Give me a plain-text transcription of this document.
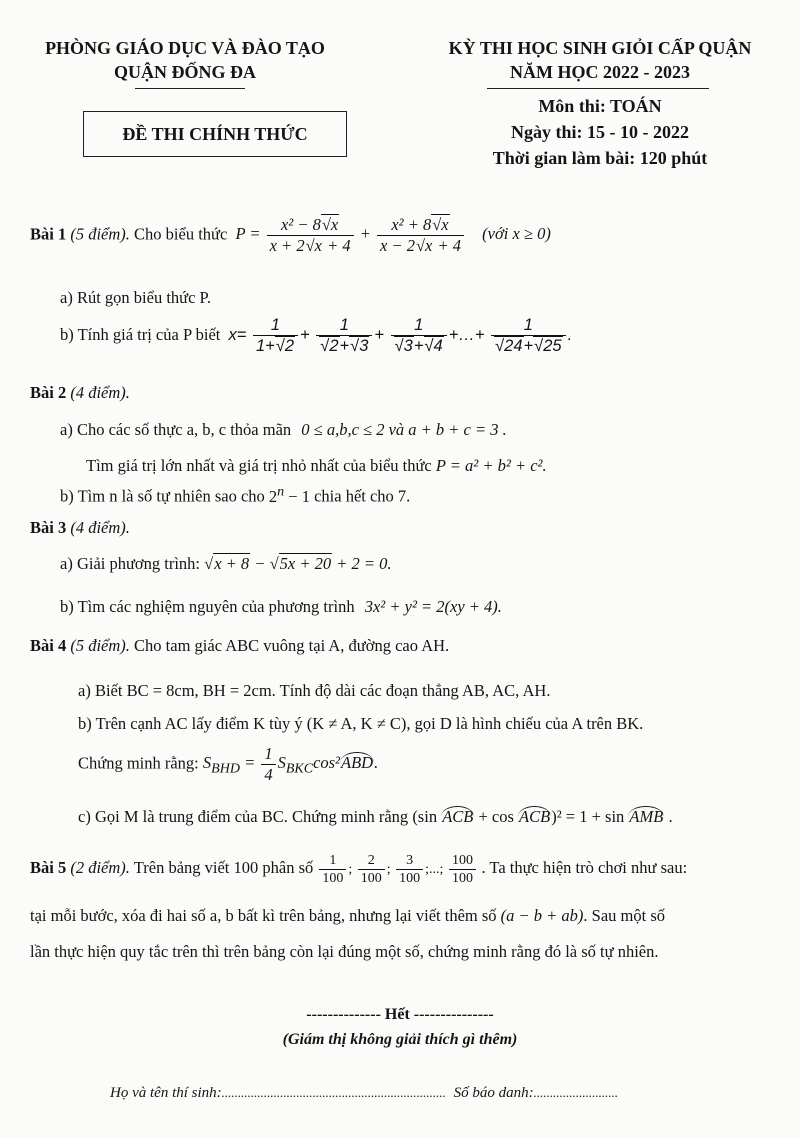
PHÒNG GIÁO DỤC VÀ ĐÀO TẠO
QUẬN ĐỐNG ĐA
ĐỀ THI CHÍNH THỨC
KỲ THI HỌC SINH GIỎI CẤP QUẬN
NĂM HỌC 2022 - 2023
Môn thi: TOÁN
Ngày thi: 15 - 10 - 2022
Thời gian làm bài: 120 phút
Bài 1 (5 điểm). Cho biểu thức $P = \frac{\text{x² − 8√x}}{x + 2√x + 4} + \frac{\text{x² + 8√x}}{x - 2√x + 4}$ (với x ≥ 0)
a) Rút gọn biểu thức P.
b) Tính giá trị của P biết $x= \frac{1}{1+√2} + \frac{1}{√2+√3} + \frac{1}{√3+√4}$ +…+ $\frac{1}{√24+√25}$ .
Bài 2 (4 điểm).
a) Cho các số thực a, b, c thỏa mãn 0 ≤ a,b,c ≤ 2 và a + b + c = 3 .
Tìm giá trị lớn nhất và giá trị nhỏ nhất của biểu thức P = a² + b² + c².
b) Tìm n là số tự nhiên sao cho $2^n - 1$ chia hết cho 7.
Bài 3 (4 điểm).
a) Giải phương trình: √x + 8 − √5x + 20 + 2 = 0.
b) Tìm các nghiệm nguyên của phương trình 3x² + y² = 2(xy + 4).
Bài 4 (5 điểm). Cho tam giác ABC vuông tại A, đường cao AH.
a) Biết BC = 8cm, BH = 2cm. Tính độ dài các đoạn thẳng AB, AC, AH.
b) Trên cạnh AC lấy điểm K tùy ý (K ≠ A, K ≠ C), gọi D là hình chiếu của A trên BK.
Chứng minh rằng: $S_{BHD} = \frac{1}{4} S_{BKC}\cos^2ABD$.
c) Gọi M là trung điểm của BC. Chứng minh rằng (sin ACB + cos ACB)² = 1 + sin AMB .
Bài 5 (2 điểm). Trên bảng viết 100 phân số $\frac{1}{100}$ ; $\frac{2}{100}$ ; $\frac{3}{100}$ ;...; $\frac{100}{100}$ . Ta thực hiện trò chơi như sau:
tại mỗi bước, xóa đi hai số a, b bất kì trên bảng, nhưng lại viết thêm số (a − b + ab). Sau một số
lần thực hiện quy tắc trên thì trên bảng còn lại đúng một số, chứng minh rằng đó là số tự nhiên.
-------------- Hết ---------------
(Giám thị không giải thích gì thêm)
Họ và tên thí sinh:..................................................................... Số báo danh:..........................
